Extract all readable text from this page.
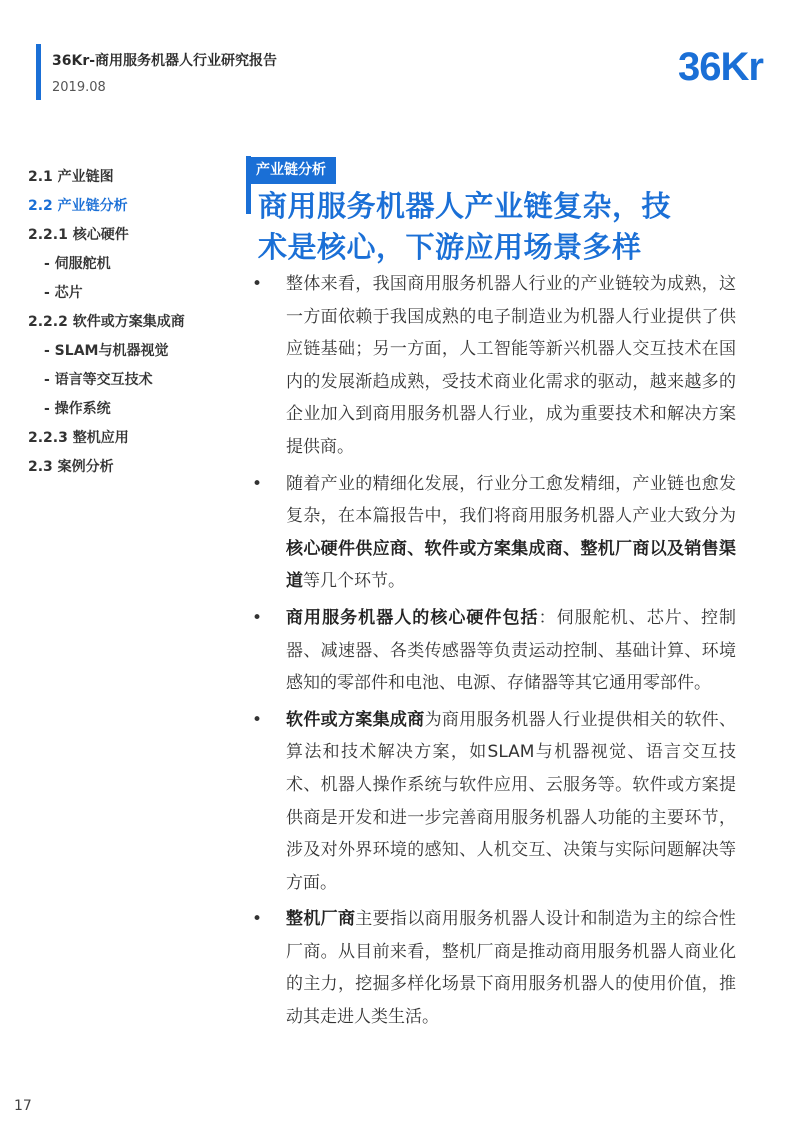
36Kr-商用服务机器人行业研究报告
2019.08	36Kr
2.1 产业链图
2.2 产业链分析
2.2.1 核心硬件
- 伺服舵机
- 芯片
2.2.2 软件或方案集成商
- SLAM与机器视觉
- 语言等交互技术
- 操作系统
2.2.3 整机应用
2.3 案例分析
产业链分析
商用服务机器人产业链复杂，技
术是核心，下游应用场景多样
• 整体来看，我国商用服务机器人行业的产业链较为成熟，这一方面依赖于我国成熟的电子制造业为机器人行业提供了供应链基础；另一方面，人工智能等新兴机器人交互技术在国内的发展渐趋成熟，受技术商业化需求的驱动，越来越多的企业加入到商用服务机器人行业，成为重要技术和解决方案提供商。
• 随着产业的精细化发展，行业分工愈发精细，产业链也愈发复杂，在本篇报告中，我们将商用服务机器人产业大致分为核心硬件供应商、软件或方案集成商、整机厂商以及销售渠道等几个环节。
• 商用服务机器人的核心硬件包括：伺服舵机、芯片、控制器、减速器、各类传感器等负责运动控制、基础计算、环境感知的零部件和电池、电源、存储器等其它通用零部件。
• 软件或方案集成商为商用服务机器人行业提供相关的软件、算法和技术解决方案，如SLAM与机器视觉、语言交互技术、机器人操作系统与软件应用、云服务等。软件或方案提供商是开发和进一步完善商用服务机器人功能的主要环节，涉及对外界环境的感知、人机交互、决策与实际问题解决等方面。
• 整机厂商主要指以商用服务机器人设计和制造为主的综合性厂商。从目前来看，整机厂商是推动商用服务机器人商业化的主力，挖掘多样化场景下商用服务机器人的使用价值，推动其走进人类生活。
17
